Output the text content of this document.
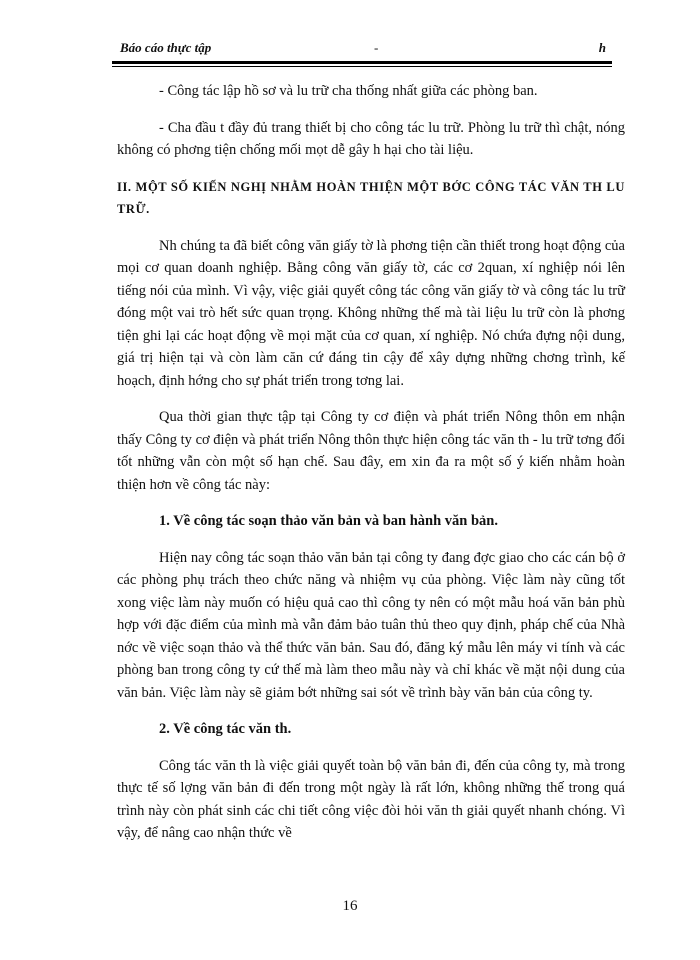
Báo cáo thực tập	-	h

- Công tác lập hồ sơ và lu trữ cha thống nhất giữa các phòng ban.

- Cha đầu t đầy đủ trang thiết bị cho công tác lu trữ. Phòng lu trữ thì chật, nóng không có phơng tiện chống mối mọt dễ gây h hại cho tài liệu.

II. MỘT SỐ KIẾN NGHỊ NHẰM HOÀN THIỆN MỘT BỚC CÔNG TÁC VĂN TH LU TRỮ.

Nh chúng ta đã biết công văn giấy tờ là phơng tiện cần thiết trong hoạt động của mọi cơ quan doanh nghiệp. Bằng công văn giấy tờ, các cơ 2quan, xí nghiệp nói lên tiếng nói của mình. Vì vậy, việc giải quyết công tác công văn giấy tờ và công tác lu trữ đóng một vai trò hết sức quan trọng. Không những thế mà tài liệu lu trữ còn là phơng tiện ghi lại các hoạt động về mọi mặt của cơ quan, xí nghiệp. Nó chứa đựng nội dung, giá trị hiện tại và còn làm căn cứ đáng tin cậy để xây dựng những chơng trình, kế hoạch, định hớng cho sự phát triển trong tơng lai.

Qua thời gian thực tập tại Công ty cơ điện và phát triển Nông thôn em nhận thấy Công ty cơ điện và phát triển Nông thôn thực hiện công tác văn th - lu trữ tơng đối tốt những vẫn còn một số hạn chế. Sau đây, em xin đa ra một số ý kiến nhằm hoàn thiện hơn về công tác này:

1. Về công tác soạn thảo văn bản và ban hành văn bản.

Hiện nay công tác soạn thảo văn bản tại công ty đang đợc giao cho các cán bộ ở các phòng phụ trách theo chức năng và nhiệm vụ của phòng. Việc làm này cũng tốt xong việc làm này muốn có hiệu quả cao thì công ty nên có một mẫu hoá văn bản phù hợp với đặc điểm của mình mà vẫn đảm bảo tuân thủ theo quy định, pháp chế của Nhà nớc về việc soạn thảo và thể thức văn bản. Sau đó, đăng ký mẫu lên máy vi tính và các phòng ban trong công ty cứ thế mà làm theo mẫu này và chỉ khác về mặt nội dung của văn bản. Việc làm này sẽ giảm bớt những sai sót về trình bày văn bản của công ty.

2. Về công tác văn th.

Công tác văn th là việc giải quyết toàn bộ văn bản đi, đến của công ty, mà trong thực tế số lợng văn bản đi đến trong một ngày là rất lớn, không những thế trong quá trình này còn phát sinh các chi tiết công việc đòi hỏi văn th giải quyết nhanh chóng. Vì vậy, để nâng cao nhận thức về

16
